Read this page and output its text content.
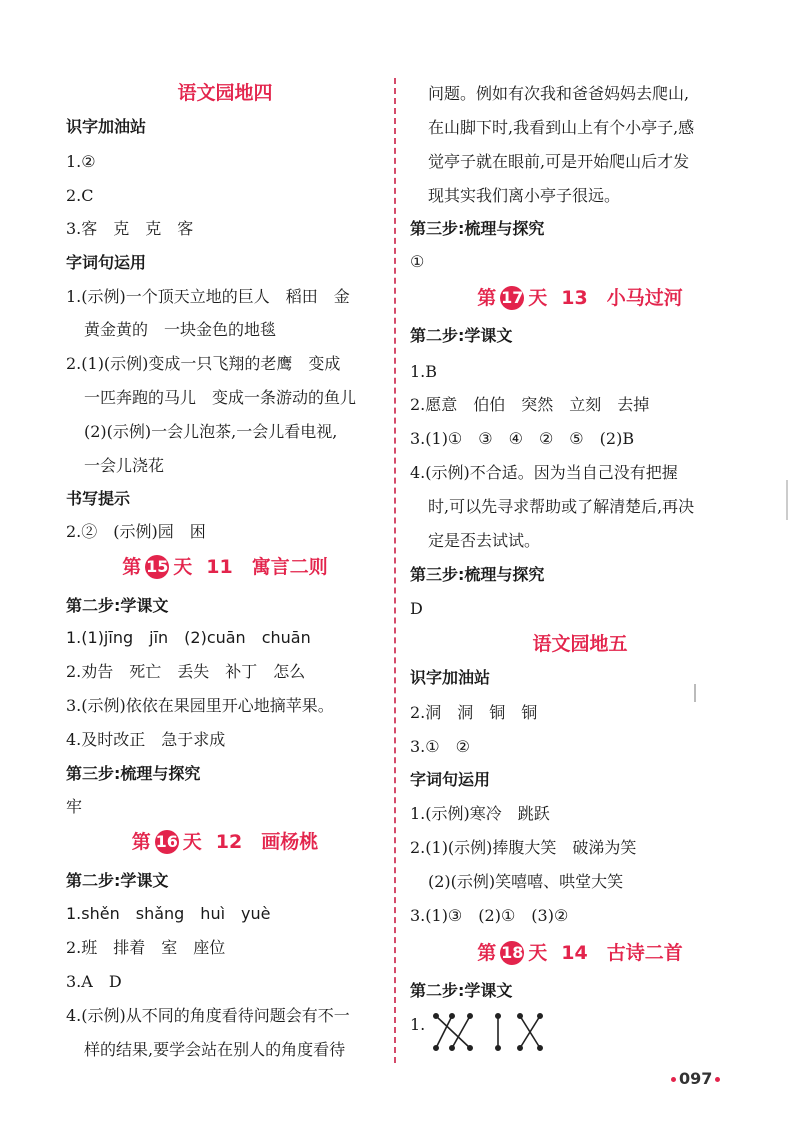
语文园地四
识字加油站
1.②
2.C
3.客　克　克　客
字词句运用
1.(示例)一个顶天立地的巨人　稻田　金
黄金黄的　一块金色的地毯
2.(1)(示例)变成一只飞翔的老鹰　变成
一匹奔跑的马儿　变成一条游动的鱼儿
(2)(示例)一会儿泡茶,一会儿看电视,
一会儿浇花
书写提示
2.②　(示例)园　困
第 15 天 11　寓言二则
第二步:学课文
1.(1)jīng　jīn　(2)cuān　chuān
2.劝告　死亡　丢失　补丁　怎么
3.(示例)依依在果园里开心地摘苹果。
4.及时改正　急于求成
第三步:梳理与探究
牢
第 16 天 12　画杨桃
第二步:学课文
1.shěn　shǎng　huì　yuè
2.班　排着　室　座位
3.A　D
4.(示例)从不同的角度看待问题会有不一
样的结果,要学会站在别人的角度看待
问题。例如有次我和爸爸妈妈去爬山,
在山脚下时,我看到山上有个小亭子,感
觉亭子就在眼前,可是开始爬山后才发
现其实我们离小亭子很远。
第三步:梳理与探究
①
第 17 天 13　小马过河
第二步:学课文
1.B
2.愿意　伯伯　突然　立刻　去掉
3.(1)①　③　④　②　⑤　(2)B
4.(示例)不合适。因为当自己没有把握
时,可以先寻求帮助或了解清楚后,再决
定是否去试试。
第三步:梳理与探究
D
语文园地五
识字加油站
2.洞　洞　铜　铜
3.①　②
字词句运用
1.(示例)寒冷　跳跃
2.(1)(示例)捧腹大笑　破涕为笑
(2)(示例)笑嘻嘻、哄堂大笑
3.(1)③　(2)①　(3)②
第 18 天 14　古诗二首
第二步:学课文
1.
097
